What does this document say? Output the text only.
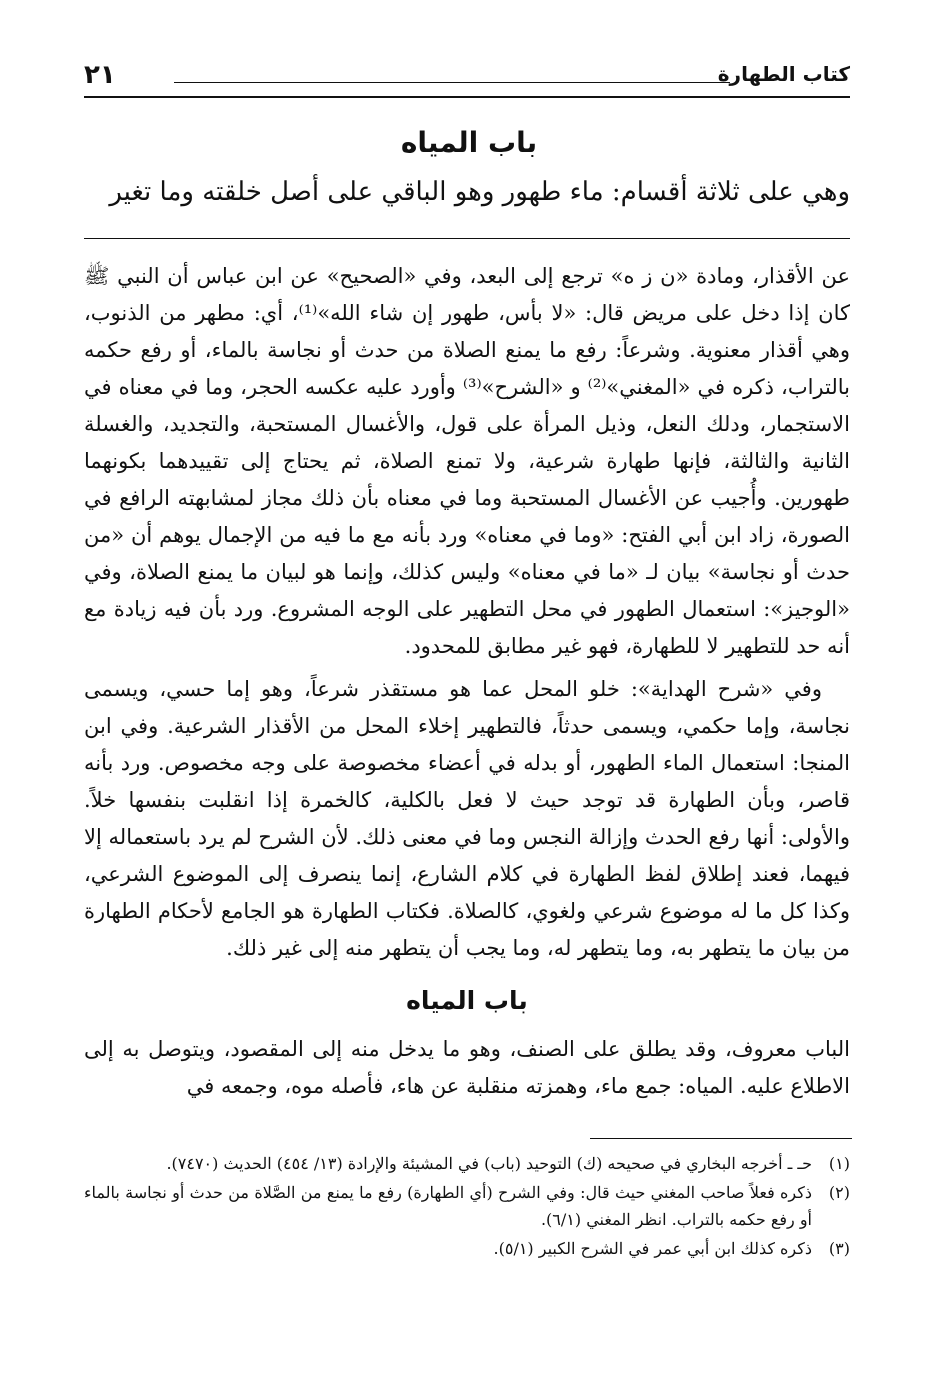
كتاب الطهارة
٢١
باب المياه
وهي على ثلاثة أقسام: ماء طهور وهو الباقي على أصل خلقته وما تغير

عن الأقذار، ومادة «ن ز ه» ترجع إلى البعد، وفي «الصحيح» عن ابن عباس أن النبي ﷺ كان إذا دخل على مريض قال: «لا بأس، طهور إن شاء الله»⁽¹⁾، أي: مطهر من الذنوب، وهي أقذار معنوية. وشرعاً: رفع ما يمنع الصلاة من حدث أو نجاسة بالماء، أو رفع حكمه بالتراب، ذكره في «المغني»⁽²⁾ و «الشرح»⁽³⁾ وأورد عليه عكسه الحجر، وما في معناه في الاستجمار، ودلك النعل، وذيل المرأة على قول، والأغسال المستحبة، والتجديد، والغسلة الثانية والثالثة، فإنها طهارة شرعية، ولا تمنع الصلاة، ثم يحتاج إلى تقييدهما بكونهما طهورين. وأُجيب عن الأغسال المستحبة وما في معناه بأن ذلك مجاز لمشابهته الرافع في الصورة، زاد ابن أبي الفتح: «وما في معناه» ورد بأنه مع ما فيه من الإجمال يوهم أن «من حدث أو نجاسة» بيان لـ «ما في معناه» وليس كذلك، وإنما هو لبيان ما يمنع الصلاة، وفي «الوجيز»: استعمال الطهور في محل التطهير على الوجه المشروع. ورد بأن فيه زيادة مع أنه حد للتطهير لا للطهارة، فهو غير مطابق للمحدود.

وفي «شرح الهداية»: خلو المحل عما هو مستقذر شرعاً، وهو إما حسي، ويسمى نجاسة، وإما حكمي، ويسمى حدثاً، فالتطهير إخلاء المحل من الأقذار الشرعية. وفي ابن المنجا: استعمال الماء الطهور، أو بدله في أعضاء مخصوصة على وجه مخصوص. ورد بأنه قاصر، وبأن الطهارة قد توجد حيث لا فعل بالكلية، كالخمرة إذا انقلبت بنفسها خلاً. والأولى: أنها رفع الحدث وإزالة النجس وما في معنى ذلك. لأن الشرح لم يرد باستعماله إلا فيهما، فعند إطلاق لفظ الطهارة في كلام الشارع، إنما ينصرف إلى الموضوع الشرعي، وكذا كل ما له موضوع شرعي ولغوي، كالصلاة. فكتاب الطهارة هو الجامع لأحكام الطهارة من بيان ما يتطهر به، وما يتطهر له، وما يجب أن يتطهر منه إلى غير ذلك.

باب المياه

الباب معروف، وقد يطلق على الصنف، وهو ما يدخل منه إلى المقصود، ويتوصل به إلى الاطلاع عليه. المياه: جمع ماء، وهمزته منقلبة عن هاء، فأصله موه، وجمعه في

(١)
حـ ـ أخرجه البخاري في صحيحه (ك) التوحيد (باب) في المشيئة والإرادة (١٣/ ٤٥٤) الحديث (٧٤٧٠).
(٢)
ذكره فعلاً صاحب المغني حيث قال: وفي الشرح (أي الطهارة) رفع ما يمنع من الصَّلاة من حدث أو نجاسة بالماء أو رفع حكمه بالتراب. انظر المغني (٦/١).
(٣)
ذكره كذلك ابن أبي عمر في الشرح الكبير (٥/١).
